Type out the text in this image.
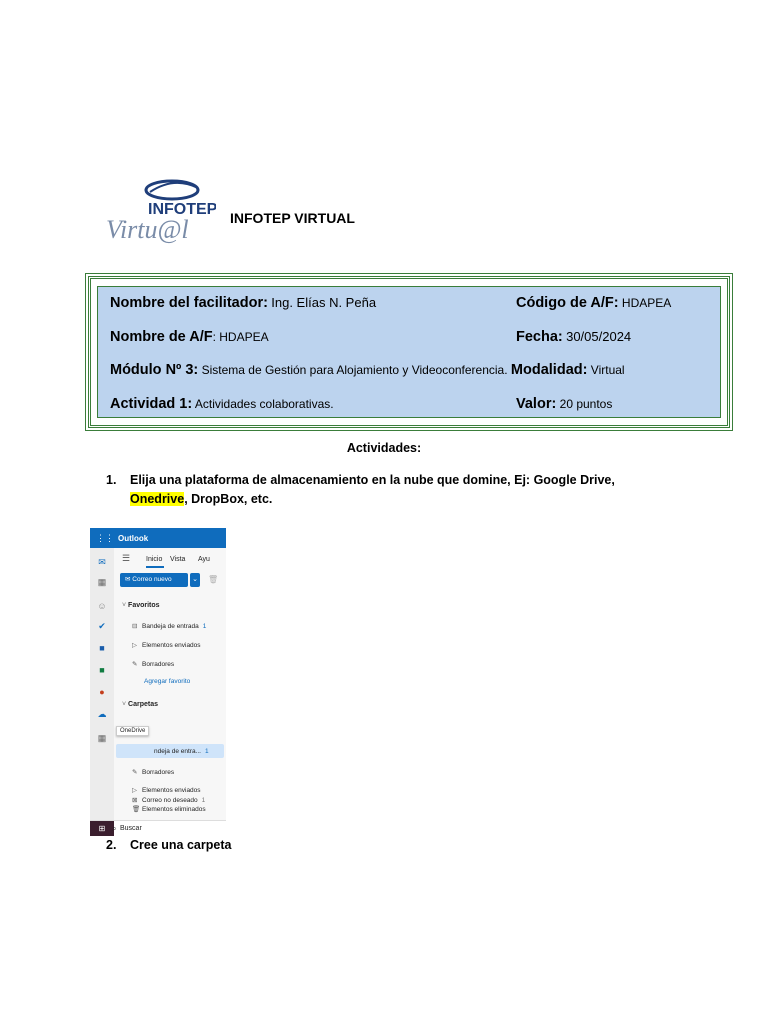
INFOTEP
Virtu@l	INFOTEP VIRTUAL
Nombre del facilitador: Ing. Elías N. Peña	Código de A/F: HDAPEA
Nombre de A/F: HDAPEA	Fecha: 30/05/2024
Módulo Nº 3: Sistema de Gestión para Alojamiento y Videoconferencia. Modalidad: Virtual
Actividad 1: Actividades colaborativas.	Valor: 20 puntos
Actividades:
1. Elija una plataforma de almacenamiento en la nube que domine, Ej: Google Drive,
Onedrive, DropBox, etc.
⋮⋮ Outlook
✉
▦
☺
✔
■
■
●
☁
▦
☰ Inicio Vista Ayu
✉ Correo nuevo	⌄ 🗑
˅ Favoritos
⊟ Bandeja de entrada 1
▷ Elementos enviados
✎ Borradores
Agregar favorito
˅ Carpetas
ndeja de entra... 1
✎ Borradores
▷ Elementos enviados
🗑 Elementos eliminados
⊠ Correo no deseado 1
OneDrive
⊞ ⌕ Buscar
2. Cree una carpeta
